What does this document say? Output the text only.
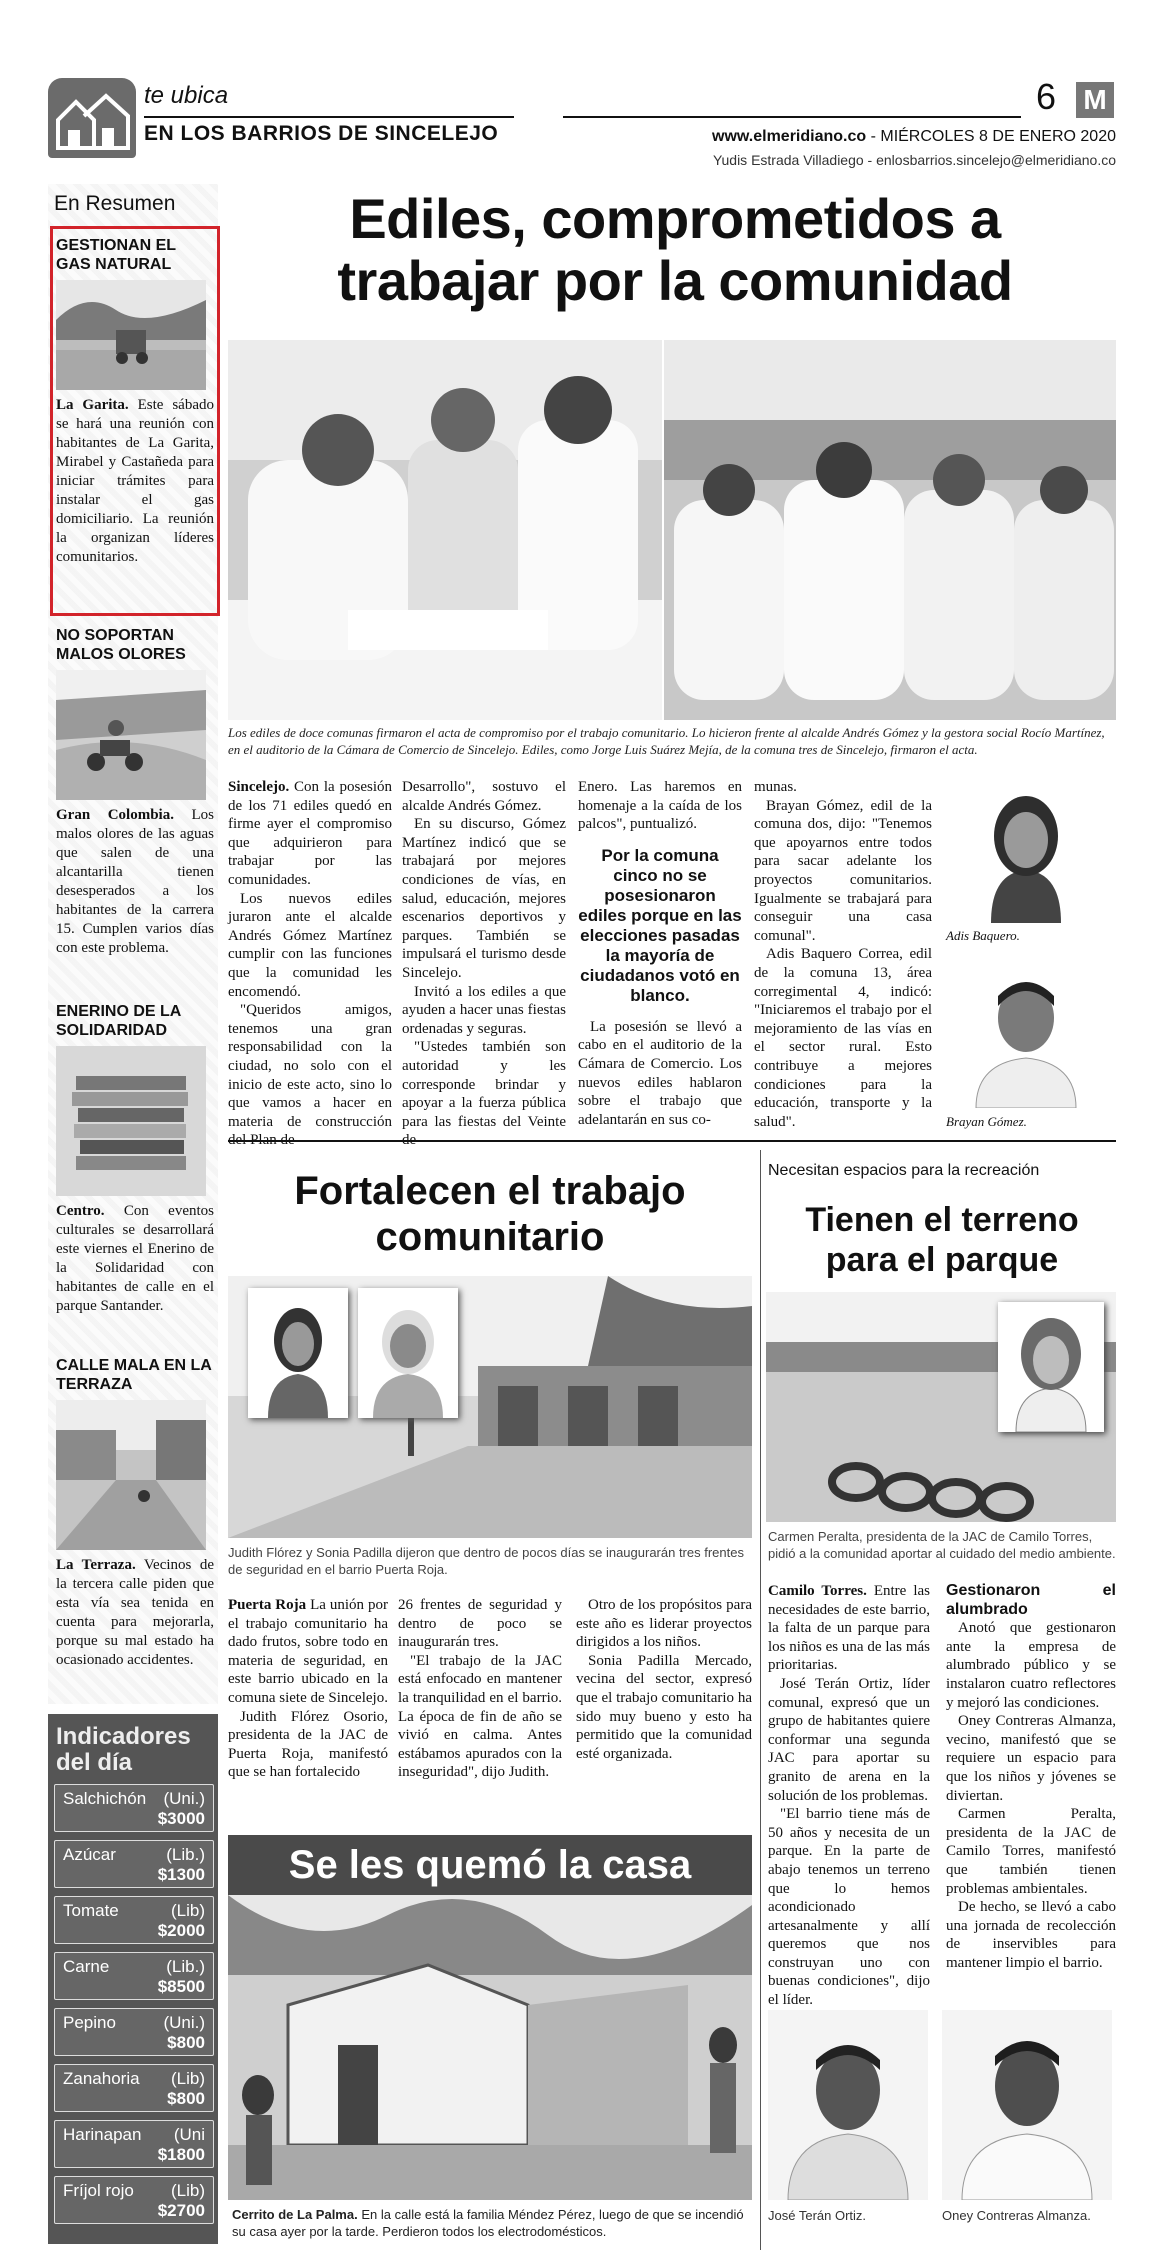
te ubica
EN LOS BARRIOS DE SINCELEJO
6 M
www.elmeridiano.co - MIÉRCOLES 8 DE ENERO 2020
Yudis Estrada Villadiego - enlosbarrios.sincelejo@elmeridiano.co
En Resumen
GESTIONAN EL GAS NATURAL

La Garita. Este sábado se hará una reunión con habitantes de La Garita, Mirabel y Castañeda para iniciar trámites para instalar el gas domiciliario. La reunión la organizan líderes comunitarios.

NO SOPORTAN MALOS OLORES

Gran Colombia. Los malos olores de las aguas que salen de una alcantarilla tienen desesperados a los habitantes de la carrera 15. Cumplen varios días con este problema.

ENERINO DE LA SOLIDARIDAD

Centro. Con eventos culturales se desarrollará este viernes el Enerino de la Solidaridad con habitantes de calle en el parque Santander.

CALLE MALA EN LA TERRAZA

La Terraza. Vecinos de la tercera calle piden que esta vía sea tenida en cuenta para mejorarla, porque su mal estado ha ocasionado accidentes.

Indicadores
del día
Salchichón (Uni.)
$3000
Azúcar	(Lib.)
$1300
Tomate	(Lib)
$2000
Carne	(Lib.)
$8500
Pepino	(Uni.)
$800
Zanahoria (Lib)
$800
Harinapan (Uni
$1800
Fríjol rojo (Lib)
$2700
Ediles, comprometidos a
trabajar por la comunidad
Los ediles de doce comunas firmaron el acta de compromiso por el trabajo comunitario. Lo hicieron frente al alcalde Andrés Gómez y la gestora social Rocío Martínez, en el auditorio de la Cámara de Comercio de Sincelejo. Ediles, como Jorge Luis Suárez Mejía, de la comuna tres de Sincelejo, firmaron el acta.

Sincelejo. Con la posesión de los 71 ediles quedó en firme ayer el compromiso que adquirieron para trabajar por las comunidades.

Los nuevos ediles juraron ante el alcalde Andrés Gómez Martínez cumplir con las funciones que la comunidad les encomendó.

"Queridos amigos, tenemos una gran responsabilidad con la ciudad, no solo con el inicio de este acto, sino lo que vamos a hacer en materia de construcción del Plan de

Desarrollo", sostuvo el alcalde Andrés Gómez.

En su discurso, Gómez Martínez indicó que se trabajará por mejores condiciones de vías, en salud, educación, mejores escenarios deportivos y parques. También se impulsará el turismo desde Sincelejo.

Invitó a los ediles a que ayuden a hacer unas fiestas ordenadas y seguras.

"Ustedes también son autoridad y les corresponde brindar y apoyar a la fuerza pública para las fiestas del Veinte de

Enero. Las haremos en homenaje a la caída de los palcos", puntualizó.

Por la comuna cinco no se posesionaron ediles porque en las elecciones pasadas la mayoría de ciudadanos votó en blanco.

La posesión se llevó a cabo en el auditorio de la Cámara de Comercio. Los nuevos ediles hablaron sobre el trabajo que adelantarán en sus co-

munas.

Brayan Gómez, edil de la comuna dos, dijo: "Tenemos que apoyarnos entre todos para sacar adelante los proyectos comunitarios. Igualmente se trabajará para conseguir una casa comunal".

Adis Baquero Correa, edil de la comuna 13, área corregimental 4, indicó: "Iniciaremos el trabajo por el mejoramiento de las vías en el sector rural. Esto contribuye a mejores condiciones para la educación, transporte y la salud".

Adis Baquero.
Brayan Gómez.
Fortalecen el trabajo
comunitario
Judith Flórez y Sonia Padilla dijeron que dentro de pocos días se inaugurarán tres frentes de seguridad en el barrio Puerta Roja.

Puerta Roja La unión por el trabajo comunitario ha dado frutos, sobre todo en materia de seguridad, en este barrio ubicado en la comuna siete de Sincelejo.

Judith Flórez Osorio, presidenta de la JAC de Puerta Roja, manifestó que se han fortalecido

26 frentes de seguridad y dentro de poco se inaugurarán tres.

"El trabajo de la JAC está enfocado en mantener la tranquilidad en el barrio. La época de fin de año se vivió en calma. Antes estábamos apurados con la inseguridad", dijo Judith.

Otro de los propósitos para este año es liderar proyectos dirigidos a los niños.

Sonia Padilla Mercado, vecina del sector, expresó que el trabajo comunitario ha sido muy bueno y esto ha permitido que la comunidad esté organizada.

Se les quemó la casa
Cerrito de La Palma. En la calle está la familia Méndez Pérez, luego de que se incendió su casa ayer por la tarde. Perdieron todos los electrodomésticos.
Necesitan espacios para la recreación
Tienen el terreno
para el parque
Carmen Peralta, presidenta de la JAC de Camilo Torres, pidió a la comunidad aportar al cuidado del medio ambiente.

Camilo Torres. Entre las necesidades de este barrio, la falta de un parque para los niños es una de las más prioritarias.

José Terán Ortiz, líder comunal, expresó que un grupo de habitantes quiere conformar una segunda JAC para aportar su granito de arena en la solución de los problemas.

"El barrio tiene más de 50 años y necesita de un parque. En la parte de abajo tenemos un terreno que lo hemos acondicionado artesanalmente y allí queremos que nos construyan uno con buenas condiciones", dijo el líder.

Gestionaron el alumbrado

Anotó que gestionaron ante la empresa de alumbrado público y se instalaron cuatro reflectores y mejoró las condiciones.

Oney Contreras Almanza, vecino, manifestó que se requiere un espacio para que los niños y jóvenes se diviertan.

Carmen Peralta, presidenta de la JAC de Camilo Torres, manifestó que también tienen problemas ambientales.

De hecho, se llevó a cabo una jornada de recolección de inservibles para mantener limpio el barrio.

José Terán Ortiz.	Oney Contreras Almanza.
